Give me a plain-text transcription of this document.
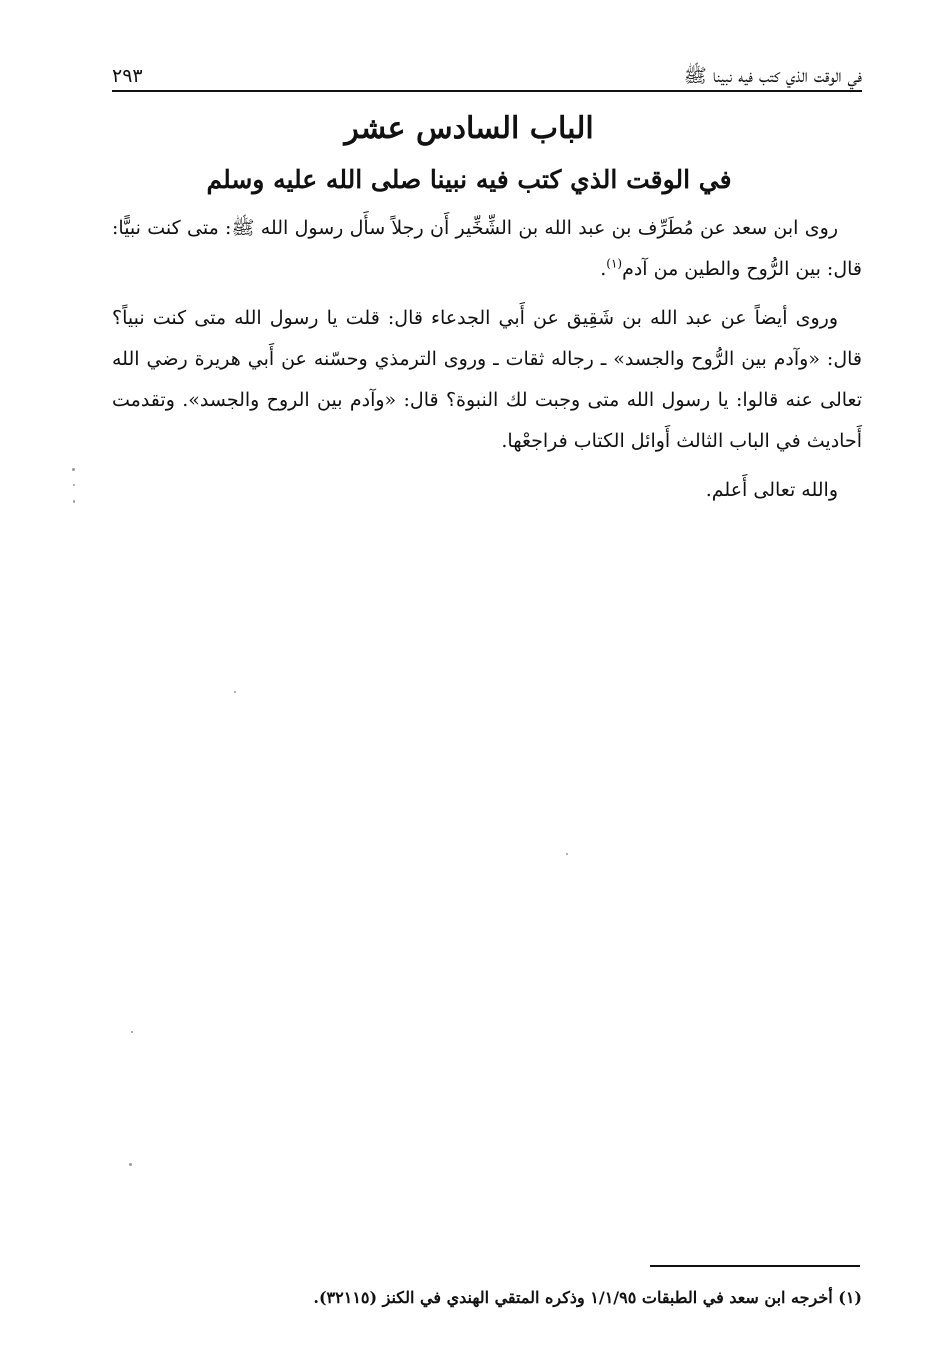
في الوقت الذي كتب فيه نبينا ﷺ
٢٩٣
الباب السادس عشر
في الوقت الذي كتب فيه نبينا صلى الله عليه وسلم

روى ابن سعد عن مُطَرِّف بن عبد الله بن الشِّخِّير أَن رجلاً سأَل رسول الله ﷺ: متى كنت نبيًّا: قال: بين الرُّوح والطين من آدم$^{(١)}$.

وروى أيضاً عن عبد الله بن شَقِيق عن أَبي الجدعاء قال: قلت يا رسول الله متى كنت نبياً؟ قال: «وآدم بين الرُّوح والجسد» ـ رجاله ثقات ـ وروى الترمذي وحسّنه عن أَبي هريرة رضي الله تعالى عنه قالوا: يا رسول الله متى وجبت لك النبوة؟ قال: «وآدم بين الروح والجسد». وتقدمت أَحاديث في الباب الثالث أَوائل الكتاب فراجعْها.

والله تعالى أَعلم.

(١) أخرجه ابن سعد في الطبقات ١/١/٩٥ وذكره المتقي الهندي في الكنز (٣٢١١٥).
